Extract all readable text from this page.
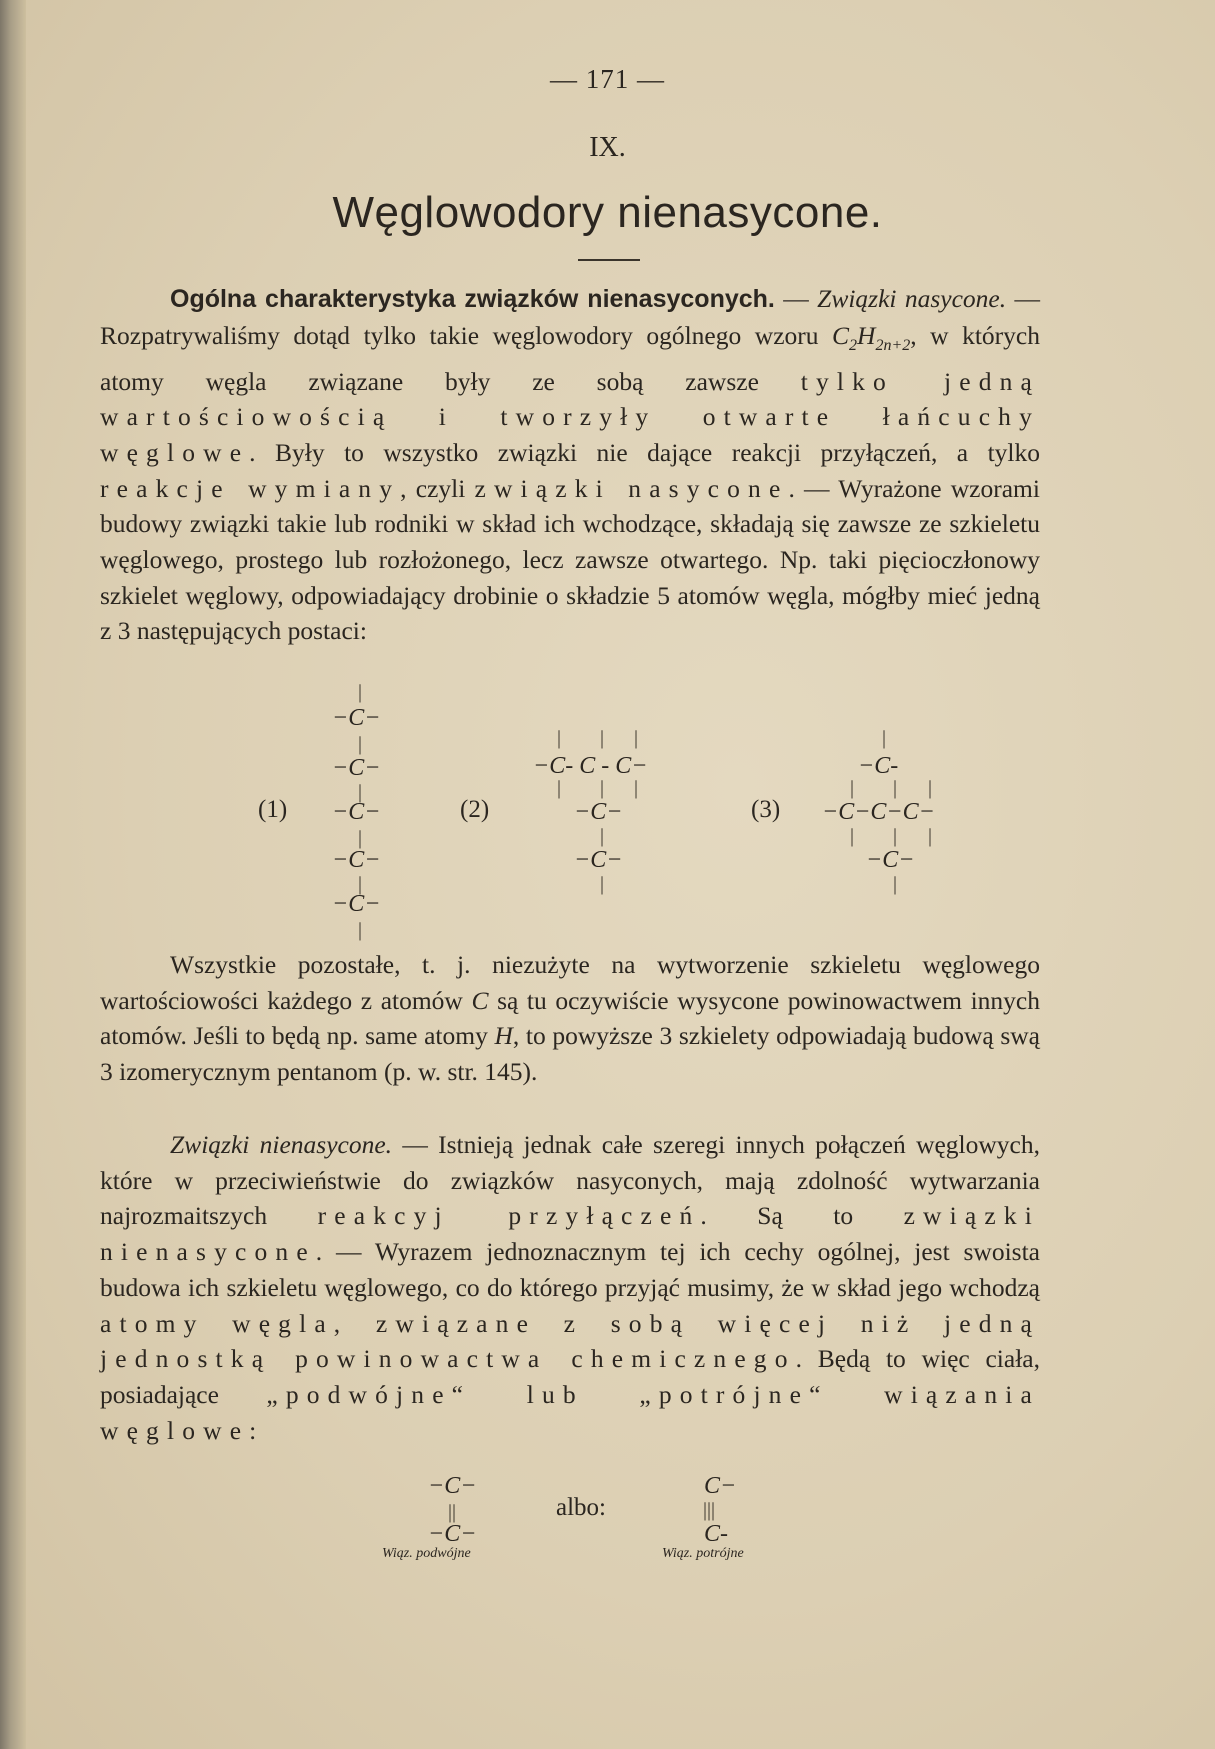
— 171 —
IX.
Węglowodory nienasycone.

Ogólna charakterystyka związków nienasyconych. — Związki nasycone. — Rozpatrywaliśmy dotąd tylko takie węglowodory ogólnego wzoru $C_2H_{2n+2}$, w których atomy węgla związane były ze sobą zawsze tylko jedną wartościowością i tworzyły otwarte łańcuchy węglowe. Były to wszystko związki nie dające reakcji przyłączeń, a tylko reakcje wymiany, czyli związki nasycone. — Wyrażone wzorami budowy związki takie lub rodniki w skład ich wchodzące, składają się zawsze ze szkieletu węglowego, prostego lub rozłożonego, lecz zawsze otwartego. Np. taki pięcioczłonowy szkielet węglowy, odpowiadający drobinie o składzie 5 atomów węgla, mógłby mieć jedną z 3 następujących postaci:

(1)	(2)	(3)
|
−C−
|
−C−
|
−C−
|
−C−
|
−C−
|
| | |
−C- C - C−
| | |
−C−
|
−C−
|
|
−C-
| | |
−C−C−C−
| | |
−C−
|

Wszystkie pozostałe, t. j. niezużyte na wytworzenie szkieletu węglowego wartościowości każdego z atomów C są tu oczywiście wysycone powinowactwem innych atomów. Jeśli to będą np. same atomy H, to powyższe 3 szkielety odpowiadają budową swą 3 izomerycznym pentanom (p. w. str. 145).

Związki nienasycone. — Istnieją jednak całe szeregi innych połączeń węglowych, które w przeciwieństwie do związków nasyconych, mają zdolność wytwarzania najrozmaitszych reakcyj przyłączeń. Są to związki nienasycone. — Wyrazem jednoznacznym tej ich cechy ogólnej, jest swoista budowa ich szkieletu węglowego, co do którego przyjąć musimy, że w skład jego wchodzą atomy węgla, związane z sobą więcej niż jedną jednostką powinowactwa chemicznego. Będą to więc ciała, posiadające „podwójne“ lub „potrójne“ wiązania węglowe:

−C−
||
−C−
Wiąz. podwójne
albo:
C−
|||
C-
Wiąz. potrójne
